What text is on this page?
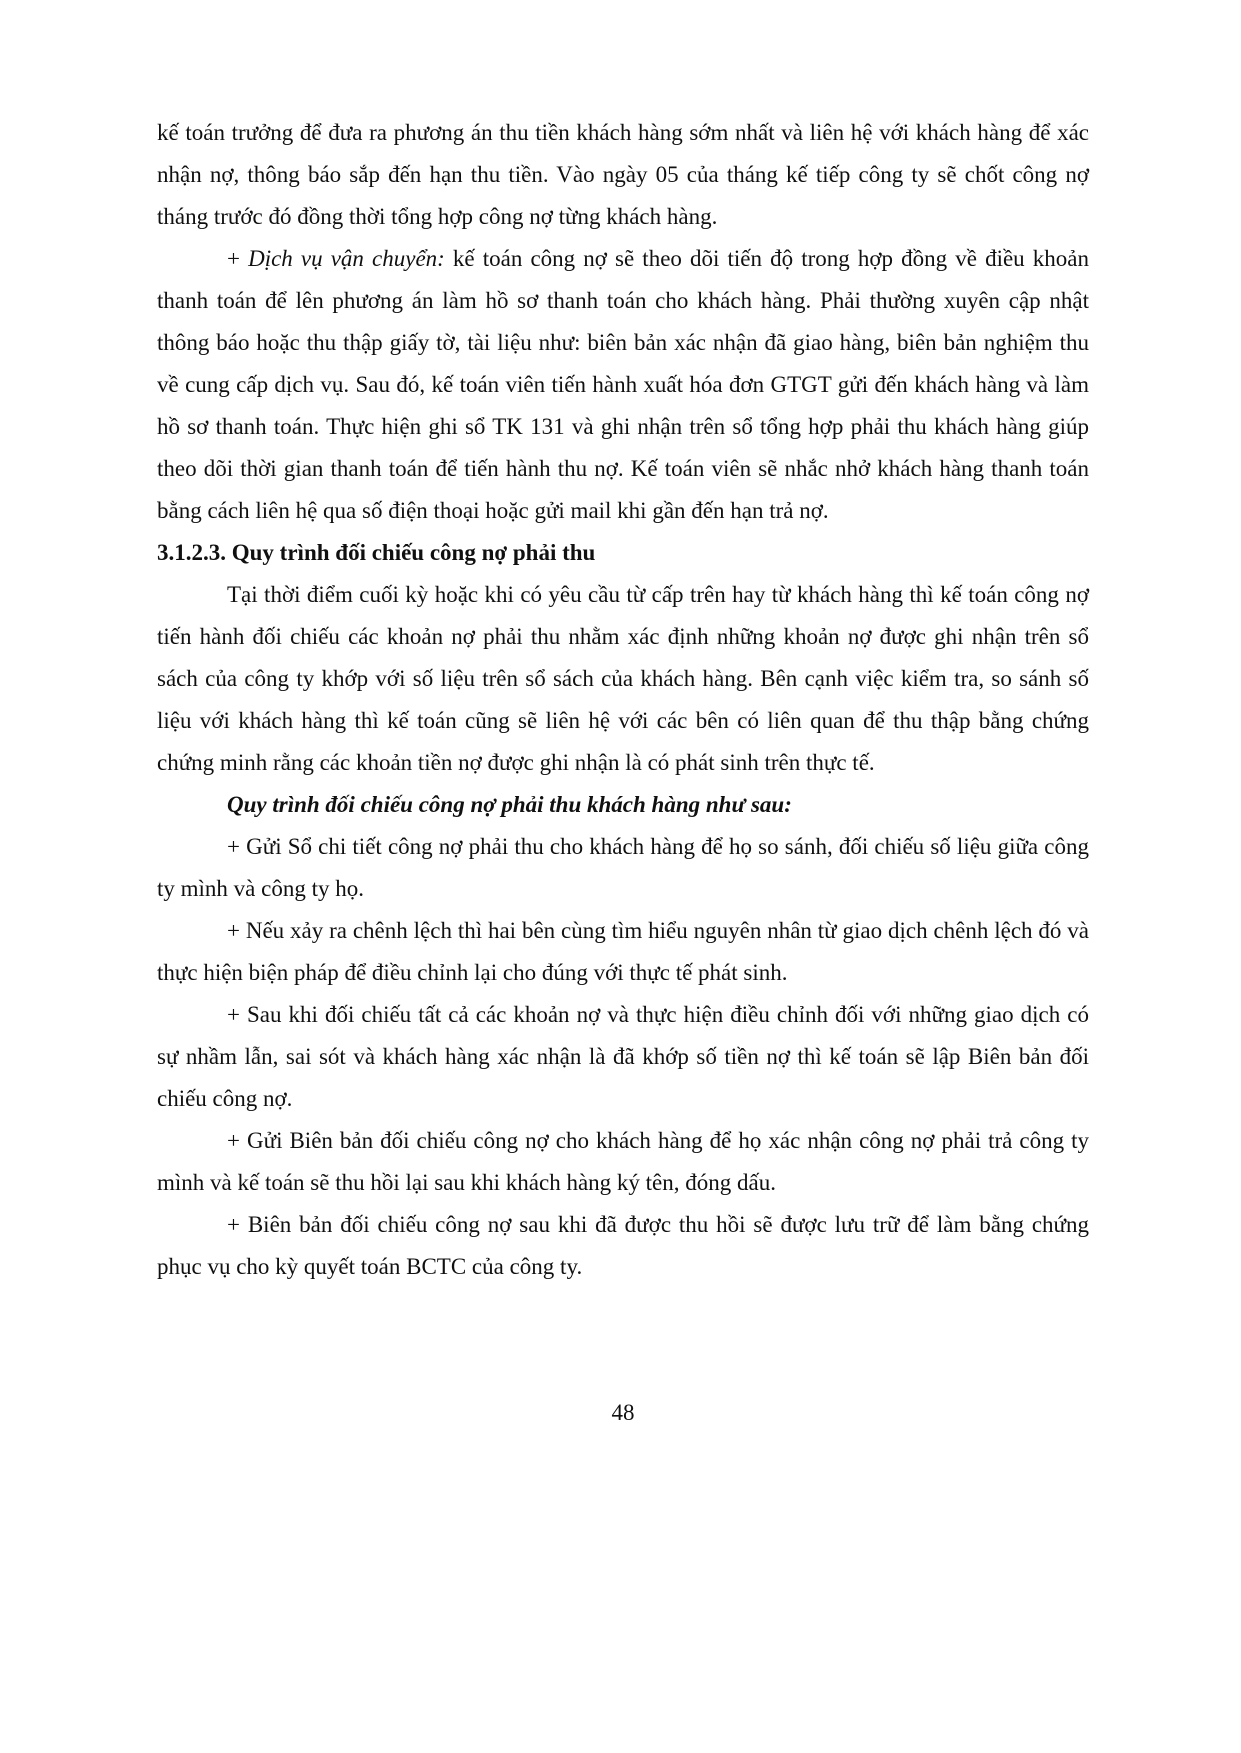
kế toán trưởng để đưa ra phương án thu tiền khách hàng sớm nhất và liên hệ với khách hàng để xác nhận nợ, thông báo sắp đến hạn thu tiền. Vào ngày 05 của tháng kế tiếp công ty sẽ chốt công nợ tháng trước đó đồng thời tổng hợp công nợ từng khách hàng.

+ Dịch vụ vận chuyển: kế toán công nợ sẽ theo dõi tiến độ trong hợp đồng về điều khoản thanh toán để lên phương án làm hồ sơ thanh toán cho khách hàng. Phải thường xuyên cập nhật thông báo hoặc thu thập giấy tờ, tài liệu như: biên bản xác nhận đã giao hàng, biên bản nghiệm thu về cung cấp dịch vụ. Sau đó, kế toán viên tiến hành xuất hóa đơn GTGT gửi đến khách hàng và làm hồ sơ thanh toán. Thực hiện ghi sổ TK 131 và ghi nhận trên sổ tổng hợp phải thu khách hàng giúp theo dõi thời gian thanh toán để tiến hành thu nợ. Kế toán viên sẽ nhắc nhở khách hàng thanh toán bằng cách liên hệ qua số điện thoại hoặc gửi mail khi gần đến hạn trả nợ.

3.1.2.3. Quy trình đối chiếu công nợ phải thu

Tại thời điểm cuối kỳ hoặc khi có yêu cầu từ cấp trên hay từ khách hàng thì kế toán công nợ tiến hành đối chiếu các khoản nợ phải thu nhằm xác định những khoản nợ được ghi nhận trên sổ sách của công ty khớp với số liệu trên sổ sách của khách hàng. Bên cạnh việc kiểm tra, so sánh số liệu với khách hàng thì kế toán cũng sẽ liên hệ với các bên có liên quan để thu thập bằng chứng chứng minh rằng các khoản tiền nợ được ghi nhận là có phát sinh trên thực tế.

Quy trình đối chiếu công nợ phải thu khách hàng như sau:

+ Gửi Sổ chi tiết công nợ phải thu cho khách hàng để họ so sánh, đối chiếu số liệu giữa công ty mình và công ty họ.

+ Nếu xảy ra chênh lệch thì hai bên cùng tìm hiểu nguyên nhân từ giao dịch chênh lệch đó và thực hiện biện pháp để điều chỉnh lại cho đúng với thực tế phát sinh.

+ Sau khi đối chiếu tất cả các khoản nợ và thực hiện điều chỉnh đối với những giao dịch có sự nhầm lẫn, sai sót và khách hàng xác nhận là đã khớp số tiền nợ thì kế toán sẽ lập Biên bản đối chiếu công nợ.

+ Gửi Biên bản đối chiếu công nợ cho khách hàng để họ xác nhận công nợ phải trả công ty mình và kế toán sẽ thu hồi lại sau khi khách hàng ký tên, đóng dấu.

+ Biên bản đối chiếu công nợ sau khi đã được thu hồi sẽ được lưu trữ để làm bằng chứng phục vụ cho kỳ quyết toán BCTC của công ty.

48
